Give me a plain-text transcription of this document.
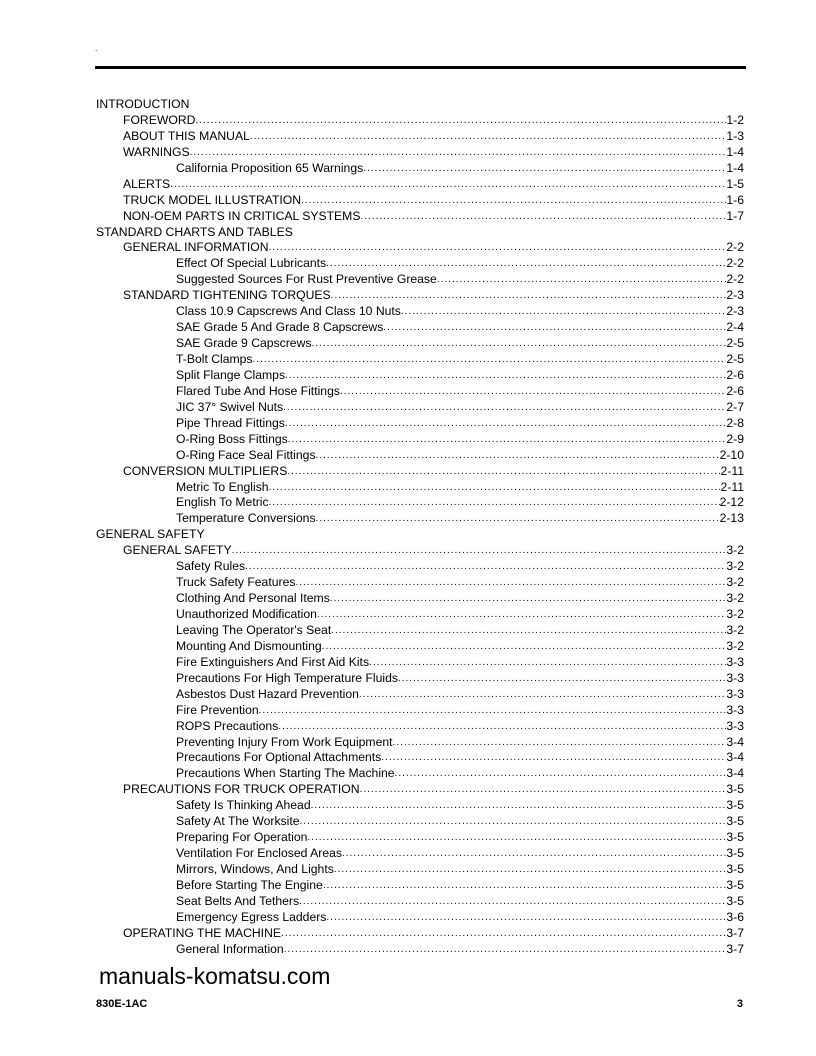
.
INTRODUCTION
FOREWORD .....	1-2
ABOUT THIS MANUAL .....	1-3
WARNINGS .....	1-4
California Proposition 65 Warnings .....	1-4
ALERTS .....	1-5
TRUCK MODEL ILLUSTRATION .....	1-6
NON-OEM PARTS IN CRITICAL SYSTEMS .....	1-7
STANDARD CHARTS AND TABLES
GENERAL INFORMATION .....	2-2
Effect Of Special Lubricants .....	2-2
Suggested Sources For Rust Preventive Grease .....	2-2
STANDARD TIGHTENING TORQUES .....	2-3
Class 10.9 Capscrews And Class 10 Nuts .....	2-3
SAE Grade 5 And Grade 8 Capscrews .....	2-4
SAE Grade 9 Capscrews .....	2-5
T-Bolt Clamps .....	2-5
Split Flange Clamps .....	2-6
Flared Tube And Hose Fittings .....	2-6
JIC 37° Swivel Nuts .....	2-7
Pipe Thread Fittings .....	2-8
O-Ring Boss Fittings .....	2-9
O-Ring Face Seal Fittings .....	2-10
CONVERSION MULTIPLIERS .....	2-11
Metric To English .....	2-11
English To Metric .....	2-12
Temperature Conversions .....	2-13
GENERAL SAFETY
GENERAL SAFETY .....	3-2
Safety Rules .....	3-2
Truck Safety Features .....	3-2
Clothing And Personal Items .....	3-2
Unauthorized Modification .....	3-2
Leaving The Operator's Seat .....	3-2
Mounting And Dismounting .....	3-2
Fire Extinguishers And First Aid Kits .....	3-3
Precautions For High Temperature Fluids .....	3-3
Asbestos Dust Hazard Prevention .....	3-3
Fire Prevention .....	3-3
ROPS Precautions .....	3-3
Preventing Injury From Work Equipment .....	3-4
Precautions For Optional Attachments .....	3-4
Precautions When Starting The Machine .....	3-4
PRECAUTIONS FOR TRUCK OPERATION .....	3-5
Safety Is Thinking Ahead .....	3-5
Safety At The Worksite .....	3-5
Preparing For Operation .....	3-5
Ventilation For Enclosed Areas .....	3-5
Mirrors, Windows, And Lights .....	3-5
Before Starting The Engine .....	3-5
Seat Belts And Tethers .....	3-5
Emergency Egress Ladders .....	3-6
OPERATING THE MACHINE .....	3-7
General Information .....	3-7
manuals-komatsu.com
830E-1AC	3
